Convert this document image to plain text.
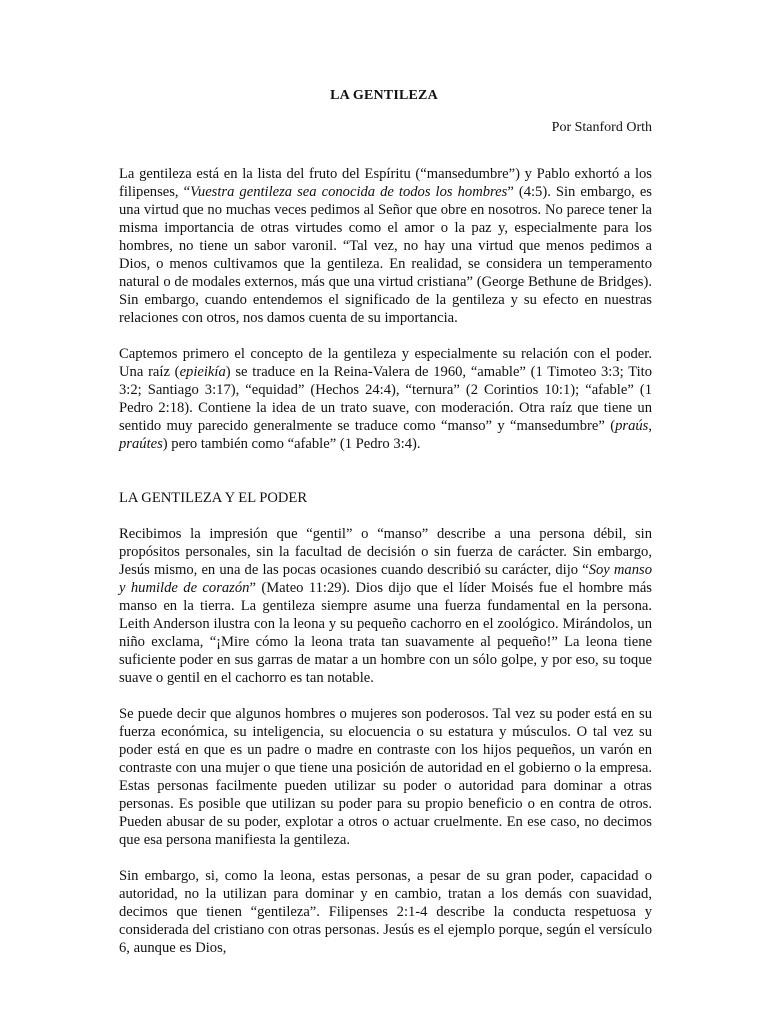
LA GENTILEZA
Por Stanford Orth

La gentileza está en la lista del fruto del Espíritu (“mansedumbre”) y Pablo exhortó a los filipenses, “Vuestra gentileza sea conocida de todos los hombres” (4:5). Sin embargo, es una virtud que no muchas veces pedimos al Señor que obre en nosotros. No parece tener la misma importancia de otras virtudes como el amor o la paz y, especialmente para los hombres, no tiene un sabor varonil. “Tal vez, no hay una virtud que menos pedimos a Dios, o menos cultivamos que la gentileza. En realidad, se considera un temperamento natural o de modales externos, más que una virtud cristiana” (George Bethune de Bridges). Sin embargo, cuando entendemos el significado de la gentileza y su efecto en nuestras relaciones con otros, nos damos cuenta de su importancia.

Captemos primero el concepto de la gentileza y especialmente su relación con el poder. Una raíz (epieikía) se traduce en la Reina-Valera de 1960, “amable” (1 Timoteo 3:3; Tito 3:2; Santiago 3:17), “equidad” (Hechos 24:4), “ternura” (2 Corintios 10:1); “afable” (1 Pedro 2:18). Contiene la idea de un trato suave, con moderación. Otra raíz que tiene un sentido muy parecido generalmente se traduce como “manso” y “mansedumbre” (praús, praútes) pero también como “afable” (1 Pedro 3:4).

LA GENTILEZA Y EL PODER

Recibimos la impresión que “gentil” o “manso” describe a una persona débil, sin propósitos personales, sin la facultad de decisión o sin fuerza de carácter. Sin embargo, Jesús mismo, en una de las pocas ocasiones cuando describió su carácter, dijo “Soy manso y humilde de corazón” (Mateo 11:29). Dios dijo que el líder Moisés fue el hombre más manso en la tierra. La gentileza siempre asume una fuerza fundamental en la persona. Leith Anderson ilustra con la leona y su pequeño cachorro en el zoológico. Mirándolos, un niño exclama, “¡Mire cómo la leona trata tan suavamente al pequeño!” La leona tiene suficiente poder en sus garras de matar a un hombre con un sólo golpe, y por eso, su toque suave o gentil en el cachorro es tan notable.

Se puede decir que algunos hombres o mujeres son poderosos. Tal vez su poder está en su fuerza económica, su inteligencia, su elocuencia o su estatura y músculos. O tal vez su poder está en que es un padre o madre en contraste con los hijos pequeños, un varón en contraste con una mujer o que tiene una posición de autoridad en el gobierno o la empresa. Estas personas facilmente pueden utilizar su poder o autoridad para dominar a otras personas. Es posible que utilizan su poder para su propio beneficio o en contra de otros. Pueden abusar de su poder, explotar a otros o actuar cruelmente. En ese caso, no decimos que esa persona manifiesta la gentileza.

Sin embargo, si, como la leona, estas personas, a pesar de su gran poder, capacidad o autoridad, no la utilizan para dominar y en cambio, tratan a los demás con suavidad, decimos que tienen “gentileza”. Filipenses 2:1-4 describe la conducta respetuosa y considerada del cristiano con otras personas. Jesús es el ejemplo porque, según el versículo 6, aunque es Dios,
